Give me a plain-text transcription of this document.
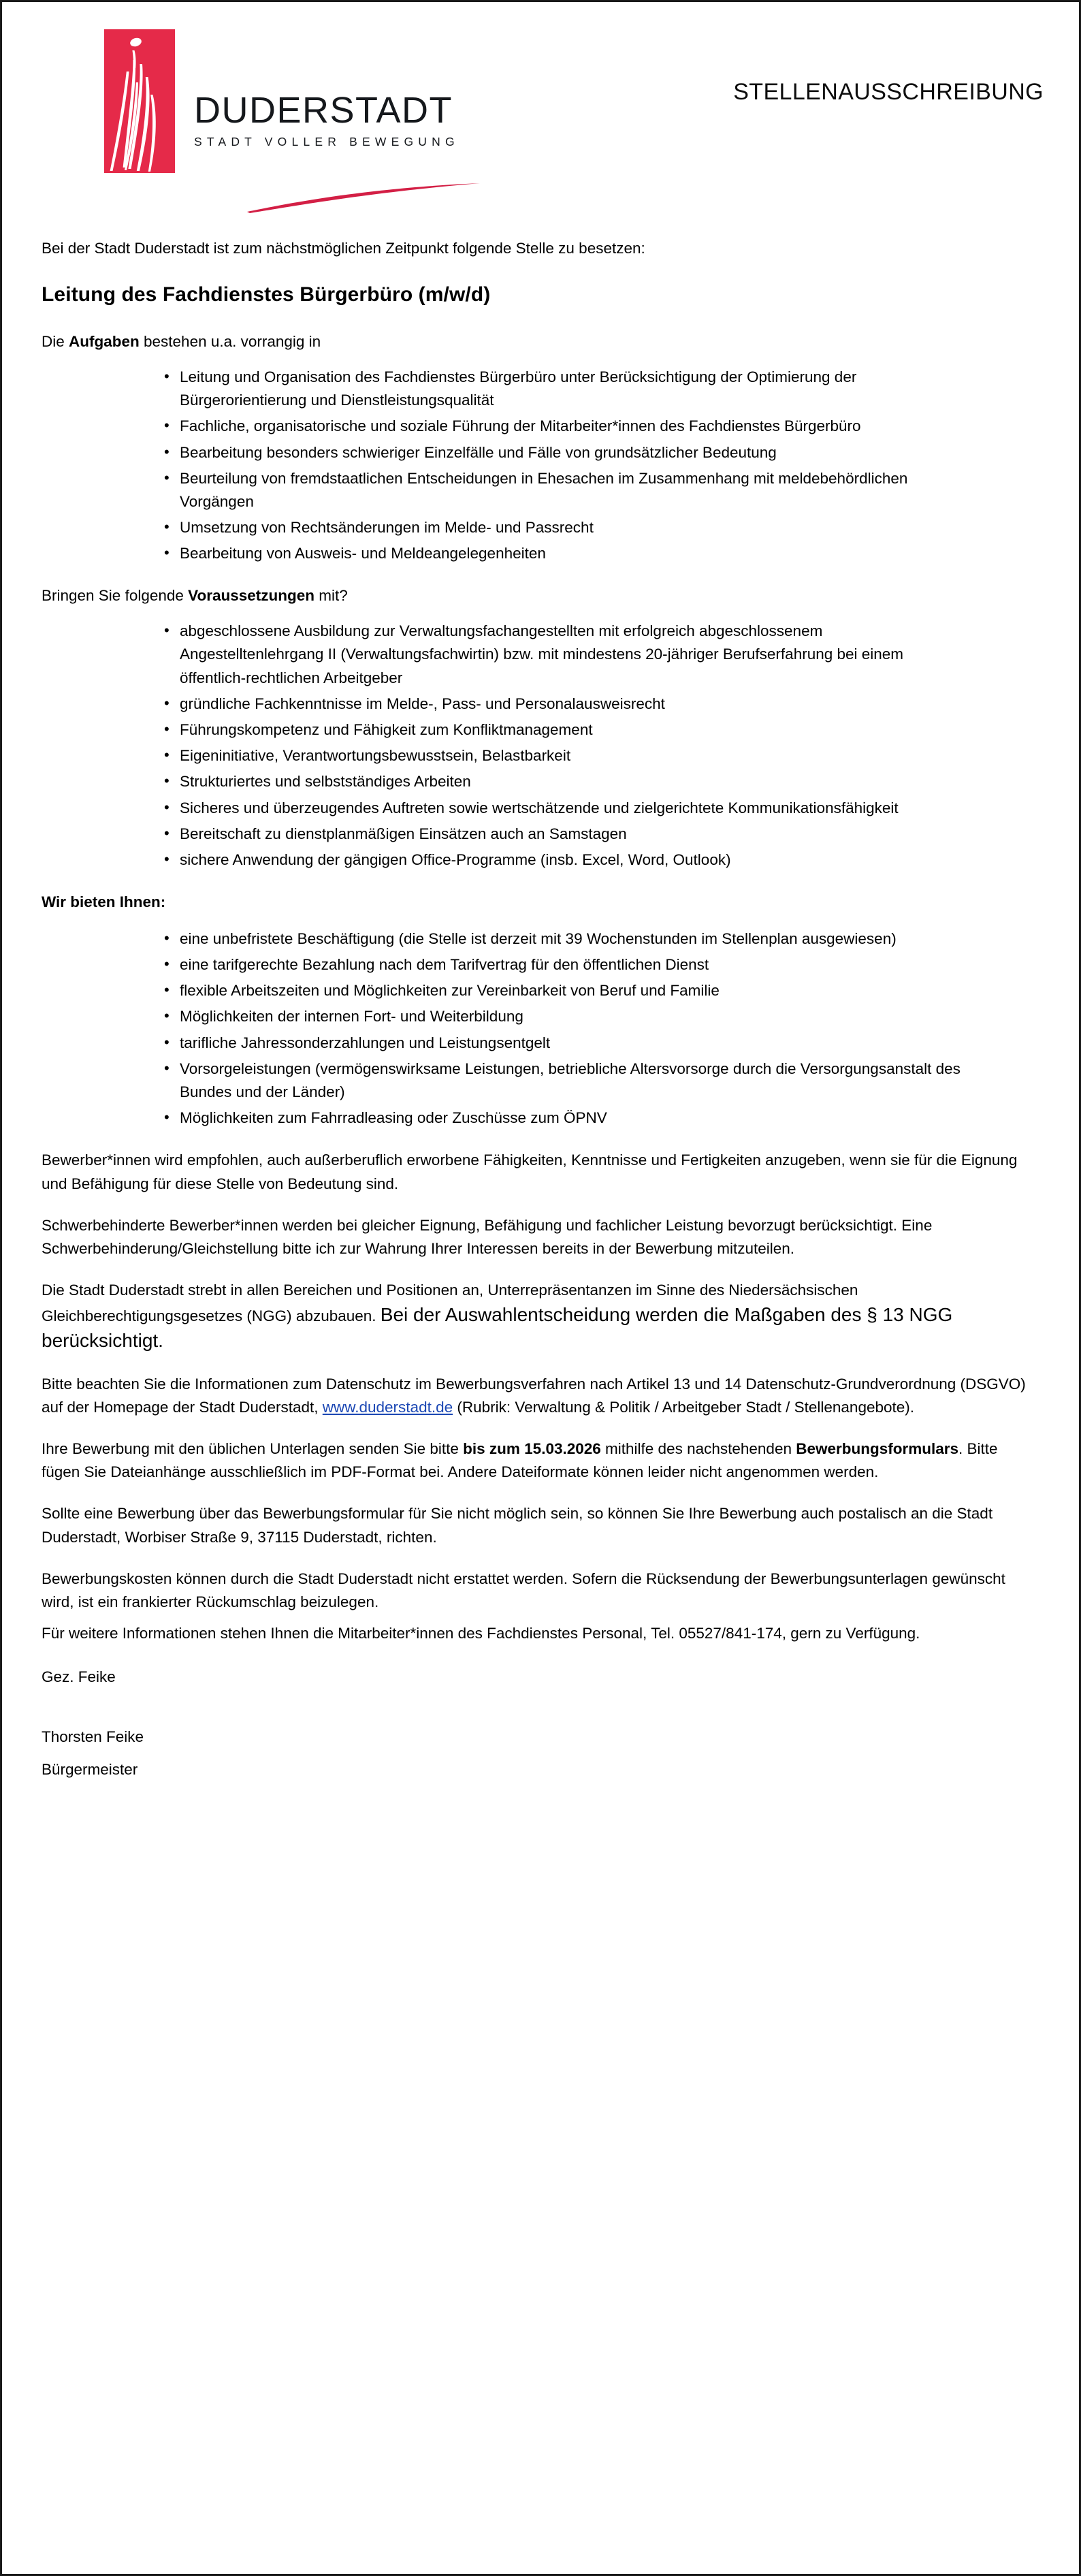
DUDERSTADT
STADT VOLLER BEWEGUNG
STELLENAUSSCHREIBUNG

Bei der Stadt Duderstadt ist zum nächstmöglichen Zeitpunkt folgende Stelle zu besetzen:

Leitung des Fachdienstes Bürgerbüro (m/w/d)

Die Aufgaben bestehen u.a. vorrangig in

• Leitung und Organisation des Fachdienstes Bürgerbüro unter Berücksichtigung der Optimierung der Bürgerorientierung und Dienstleistungsqualität
• Fachliche, organisatorische und soziale Führung der Mitarbeiter*innen des Fachdienstes Bürgerbüro
• Bearbeitung besonders schwieriger Einzelfälle und Fälle von grundsätzlicher Bedeutung
• Beurteilung von fremdstaatlichen Entscheidungen in Ehesachen im Zusammenhang mit meldebehördlichen Vorgängen
• Umsetzung von Rechtsänderungen im Melde- und Passrecht
• Bearbeitung von Ausweis- und Meldeangelegenheiten

Bringen Sie folgende Voraussetzungen mit?

• abgeschlossene Ausbildung zur Verwaltungsfachangestellten mit erfolgreich abgeschlossenem Angestelltenlehrgang II (Verwaltungsfachwirtin) bzw. mit mindestens 20-jähriger Berufserfahrung bei einem öffentlich-rechtlichen Arbeitgeber
• gründliche Fachkenntnisse im Melde-, Pass- und Personalausweisrecht
• Führungskompetenz und Fähigkeit zum Konfliktmanagement
• Eigeninitiative, Verantwortungsbewusstsein, Belastbarkeit
• Strukturiertes und selbstständiges Arbeiten
• Sicheres und überzeugendes Auftreten sowie wertschätzende und zielgerichtete Kommunikationsfähigkeit
• Bereitschaft zu dienstplanmäßigen Einsätzen auch an Samstagen
• sichere Anwendung der gängigen Office-Programme (insb. Excel, Word, Outlook)

Wir bieten Ihnen:

• eine unbefristete Beschäftigung (die Stelle ist derzeit mit 39 Wochenstunden im Stellenplan ausgewiesen)
• eine tarifgerechte Bezahlung nach dem Tarifvertrag für den öffentlichen Dienst
• flexible Arbeitszeiten und Möglichkeiten zur Vereinbarkeit von Beruf und Familie
• Möglichkeiten der internen Fort- und Weiterbildung
• tarifliche Jahressonderzahlungen und Leistungsentgelt
• Vorsorgeleistungen (vermögenswirksame Leistungen, betriebliche Altersvorsorge durch die Versorgungsanstalt des Bundes und der Länder)
• Möglichkeiten zum Fahrradleasing oder Zuschüsse zum ÖPNV

Bewerber*innen wird empfohlen, auch außerberuflich erworbene Fähigkeiten, Kenntnisse und Fertigkeiten anzugeben, wenn sie für die Eignung und Befähigung für diese Stelle von Bedeutung sind.

Schwerbehinderte Bewerber*innen werden bei gleicher Eignung, Befähigung und fachlicher Leistung bevorzugt berücksichtigt. Eine Schwerbehinderung/Gleichstellung bitte ich zur Wahrung Ihrer Interessen bereits in der Bewerbung mitzuteilen.

Die Stadt Duderstadt strebt in allen Bereichen und Positionen an, Unterrepräsentanzen im Sinne des Niedersächsischen Gleichberechtigungsgesetzes (NGG) abzubauen. Bei der Auswahlentscheidung werden die Maßgaben des § 13 NGG berücksichtigt.

Bitte beachten Sie die Informationen zum Datenschutz im Bewerbungsverfahren nach Artikel 13 und 14 Datenschutz-Grundverordnung (DSGVO) auf der Homepage der Stadt Duderstadt, www.duderstadt.de (Rubrik: Verwaltung & Politik / Arbeitgeber Stadt / Stellenangebote).

Ihre Bewerbung mit den üblichen Unterlagen senden Sie bitte bis zum 15.03.2026 mithilfe des nachstehenden Bewerbungsformulars. Bitte fügen Sie Dateianhänge ausschließlich im PDF-Format bei. Andere Dateiformate können leider nicht angenommen werden.

Sollte eine Bewerbung über das Bewerbungsformular für Sie nicht möglich sein, so können Sie Ihre Bewerbung auch postalisch an die Stadt Duderstadt, Worbiser Straße 9, 37115 Duderstadt, richten.

Bewerbungskosten können durch die Stadt Duderstadt nicht erstattet werden. Sofern die Rücksendung der Bewerbungsunterlagen gewünscht wird, ist ein frankierter Rückumschlag beizulegen.

Für weitere Informationen stehen Ihnen die Mitarbeiter*innen des Fachdienstes Personal, Tel. 05527/841-174, gern zu Verfügung.

Gez. Feike

Thorsten Feike

Bürgermeister
